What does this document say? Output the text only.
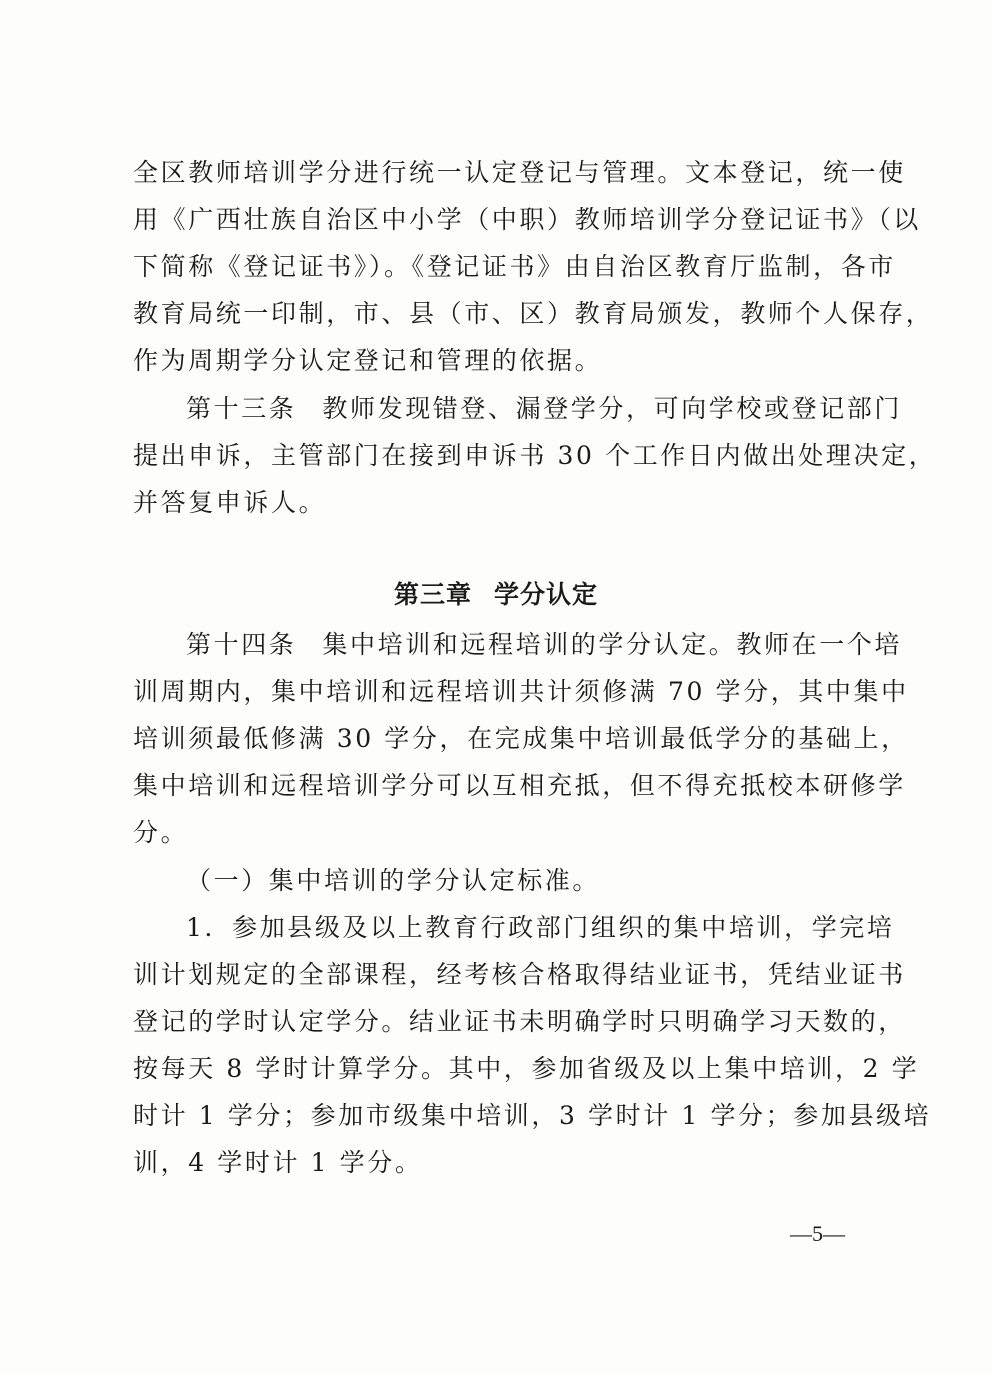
全区教师培训学分进行统一认定登记与管理。文本登记，统一使
用《广西壮族自治区中小学（中职）教师培训学分登记证书》（以
下简称《登记证书》）。《登记证书》由自治区教育厅监制，各市
教育局统一印制，市、县（市、区）教育局颁发，教师个人保存，
作为周期学分认定登记和管理的依据。
第十三条 教师发现错登、漏登学分，可向学校或登记部门
提出申诉，主管部门在接到申诉书 30 个工作日内做出处理决定，
并答复申诉人。
第三章 学分认定
第十四条 集中培训和远程培训的学分认定。教师在一个培
训周期内，集中培训和远程培训共计须修满 70 学分，其中集中
培训须最低修满 30 学分，在完成集中培训最低学分的基础上，
集中培训和远程培训学分可以互相充抵，但不得充抵校本研修学
分。
（一）集中培训的学分认定标准。
1．参加县级及以上教育行政部门组织的集中培训，学完培
训计划规定的全部课程，经考核合格取得结业证书，凭结业证书
登记的学时认定学分。结业证书未明确学时只明确学习天数的，
按每天 8 学时计算学分。其中，参加省级及以上集中培训，2 学
时计 1 学分；参加市级集中培训，3 学时计 1 学分；参加县级培
训，4 学时计 1 学分。
—5—
